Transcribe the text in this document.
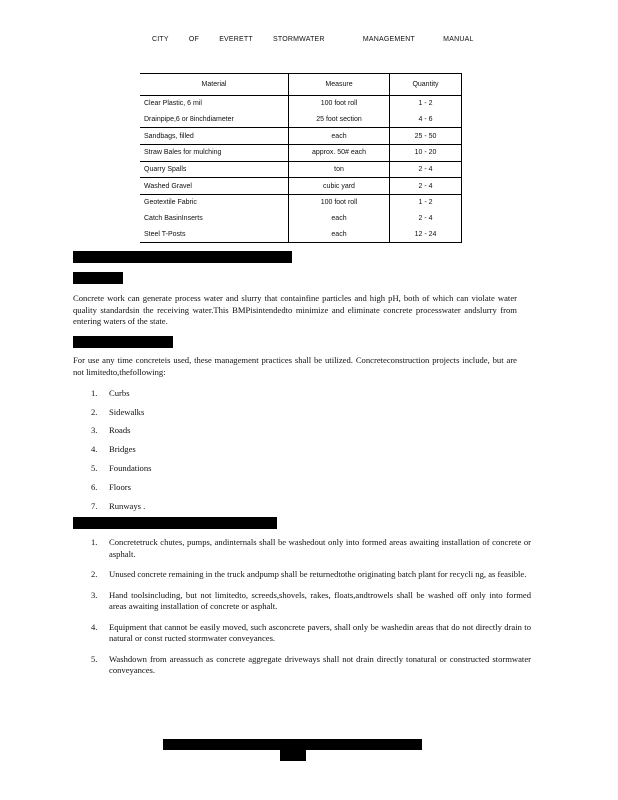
CITY	OF	EVERETT	STORMWATER	MANAGEMENT	MANUAL
Material	Measure	Quantity
Clear Plastic, 6 mil	100 foot roll	1 - 2
Drainpipe,6 or 8inchdiameter	25 foot section	4 - 6
Sandbags, filled	each	25 - 50
Straw Bales for mulching	approx. 50# each	10 - 20
Quarry Spalls	ton	2 - 4
Washed Gravel	cubic yard	2 - 4
Geotextile Fabric	100 foot roll	1 - 2
Catch BasinInserts	each	2 - 4
Steel T-Posts	each	12 - 24
Concrete work can generate process water and slurry that containfine particles and high pH, both of which can violate water quality standardsin the receiving water.This BMPisintendedto minimize and eliminate concrete processwater andslurry from entering waters of the state.
For use any time concreteis used, these management practices shall be utilized. Concreteconstruction projects include, but are not limitedto,thefollowing:
1. Curbs
2. Sidewalks
3. Roads
4. Bridges
5. Foundations
6. Floors
7. Runways .
1. Concretetruck chutes, pumps, andinternals shall be washedout only into formed areas awaiting installation of concrete or asphalt.
2. Unused concrete remaining in the truck andpump shall be returnedtothe originating batch plant for recycli ng, as feasible.
3. Hand toolsincluding, but not limitedto, screeds,shovels, rakes, floats,andtrowels shall be washed off only into formed areas awaiting installation of concrete or asphalt.
4. Equipment that cannot be easily moved, such asconcrete pavers, shall only be washedin areas that do not directly drain to natural or const ructed stormwater conveyances.
5. Washdown from areassuch as concrete aggregate driveways shall not drain directly tonatural or constructed stormwater conveyances.
